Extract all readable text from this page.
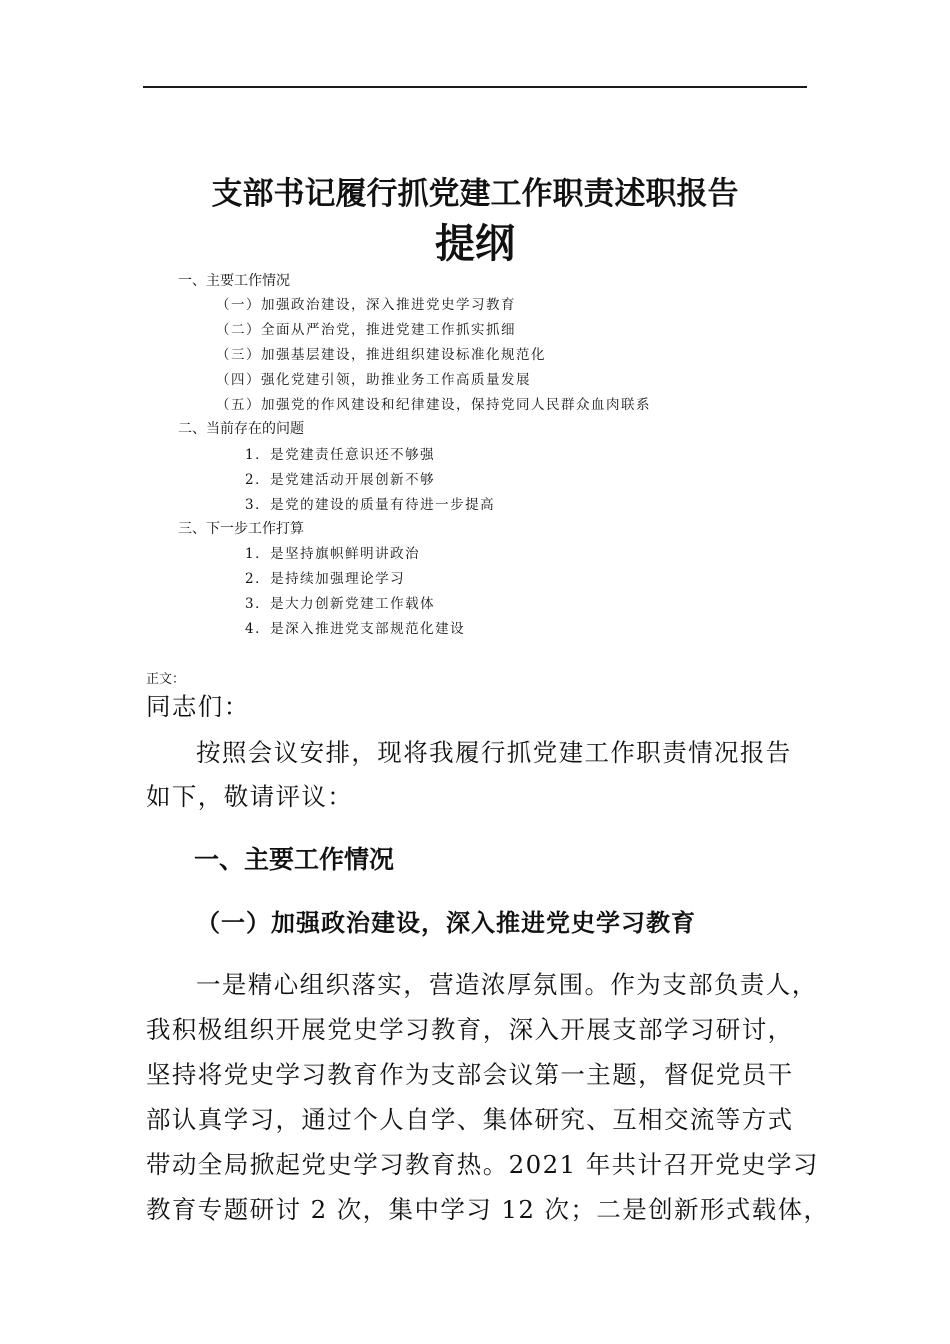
支部书记履行抓党建工作职责述职报告
提纲
一、主要工作情况
（一）加强政治建设，深入推进党史学习教育
（二）全面从严治党，推进党建工作抓实抓细
（三）加强基层建设，推进组织建设标准化规范化
（四）强化党建引领，助推业务工作高质量发展
（五）加强党的作风建设和纪律建设，保持党同人民群众血肉联系
二、当前存在的问题
1．是党建责任意识还不够强
2．是党建活动开展创新不够
3．是党的建设的质量有待进一步提高
三、下一步工作打算
1．是坚持旗帜鲜明讲政治
2．是持续加强理论学习
3．是大力创新党建工作载体
4．是深入推进党支部规范化建设
正文：
同志们：
按照会议安排，现将我履行抓党建工作职责情况报告
如下，敬请评议：
一、主要工作情况
（一）加强政治建设，深入推进党史学习教育
一是精心组织落实，营造浓厚氛围。作为支部负责人，
我积极组织开展党史学习教育，深入开展支部学习研讨，
坚持将党史学习教育作为支部会议第一主题，督促党员干
部认真学习，通过个人自学、集体研究、互相交流等方式
带动全局掀起党史学习教育热。2021 年共计召开党史学习
教育专题研讨 2 次，集中学习 12 次；二是创新形式载体，
